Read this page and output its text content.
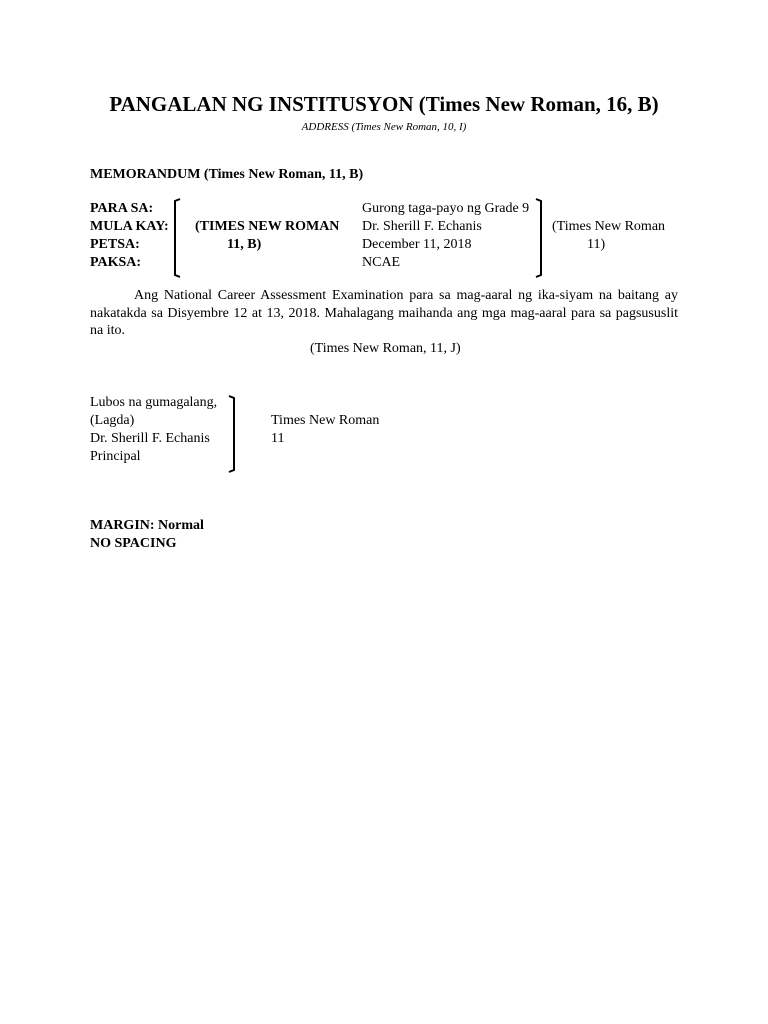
PANGALAN NG INSTITUSYON (Times New Roman, 16, B)
ADDRESS (Times New Roman, 10, I)
MEMORANDUM (Times New Roman, 11, B)
PARA SA:
MULA KAY:
PETSA:
PAKSA:
(TIMES NEW ROMAN
11, B)
Gurong taga-payo ng Grade 9
Dr. Sherill F. Echanis
December 11, 2018
NCAE
(Times New Roman
11)
Ang National Career Assessment Examination para sa mag-aaral ng ika-siyam na baitang ay nakatakda sa Disyembre 12 at 13, 2018. Mahalagang maihanda ang mga mag-aaral para sa pagsususlit na ito.
(Times New Roman, 11, J)
Lubos na gumagalang,
(Lagda)
Dr. Sherill F. Echanis
Principal
Times New Roman
11
MARGIN: Normal
NO SPACING
